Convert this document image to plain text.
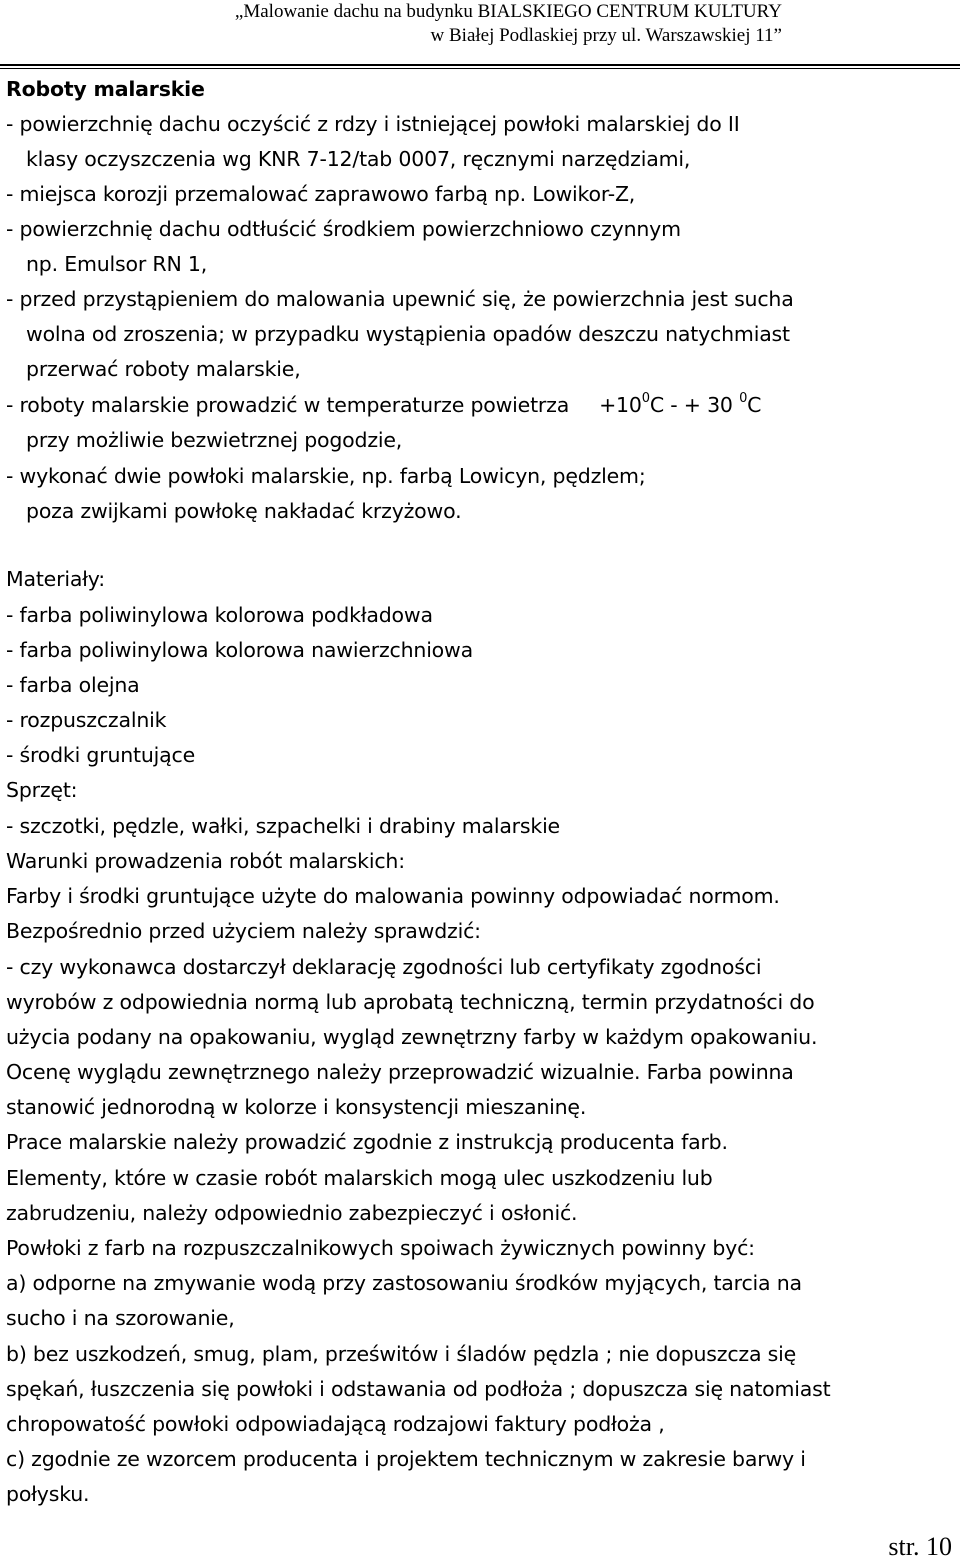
„Malowanie dachu na budynku BIALSKIEGO CENTRUM KULTURY
w Białej Podlaskiej przy ul. Warszawskiej 11”
Roboty malarskie
- powierzchnię dachu oczyścić z rdzy i istniejącej powłoki malarskiej do II
klasy oczyszczenia wg KNR 7-12/tab 0007, ręcznymi narzędziami,
- miejsca korozji przemalować zaprawowo farbą np. Lowikor-Z,
- powierzchnię dachu odtłuścić środkiem powierzchniowo czynnym
np. Emulsor RN 1,
- przed przystąpieniem do malowania upewnić się, że powierzchnia jest sucha
wolna od zroszenia; w przypadku wystąpienia opadów deszczu natychmiast
przerwać roboty malarskie,
- roboty malarskie prowadzić w temperaturze powietrza $+10^0C$ - + 30 $^0$C
przy możliwie bezwietrznej pogodzie,
- wykonać dwie powłoki malarskie, np. farbą Lowicyn, pędzlem;
poza zwijkami powłokę nakładać krzyżowo.
Materiały:
- farba poliwinylowa kolorowa podkładowa
- farba poliwinylowa kolorowa nawierzchniowa
- farba olejna
- rozpuszczalnik
- środki gruntujące
Sprzęt:
- szczotki, pędzle, wałki, szpachelki i drabiny malarskie
Warunki prowadzenia robót malarskich:
Farby i środki gruntujące użyte do malowania powinny odpowiadać normom.
Bezpośrednio przed użyciem należy sprawdzić:
- czy wykonawca dostarczył deklarację zgodności lub certyfikaty zgodności
wyrobów z odpowiednia normą lub aprobatą techniczną, termin przydatności do
użycia podany na opakowaniu, wygląd zewnętrzny farby w każdym opakowaniu.
Ocenę wyglądu zewnętrznego należy przeprowadzić wizualnie. Farba powinna
stanowić jednorodną w kolorze i konsystencji mieszaninę.
Prace malarskie należy prowadzić zgodnie z instrukcją producenta farb.
Elementy, które w czasie robót malarskich mogą ulec uszkodzeniu lub
zabrudzeniu, należy odpowiednio zabezpieczyć i osłonić.
Powłoki z farb na rozpuszczalnikowych spoiwach żywicznych powinny być:
a) odporne na zmywanie wodą przy zastosowaniu środków myjących, tarcia na
sucho i na szorowanie,
b) bez uszkodzeń, smug, plam, prześwitów i śladów pędzla ; nie dopuszcza się
spękań, łuszczenia się powłoki i odstawania od podłoża ; dopuszcza się natomiast
chropowatość powłoki odpowiadającą rodzajowi faktury podłoża ,
c) zgodnie ze wzorcem producenta i projektem technicznym w zakresie barwy i
połysku.
str. 10
